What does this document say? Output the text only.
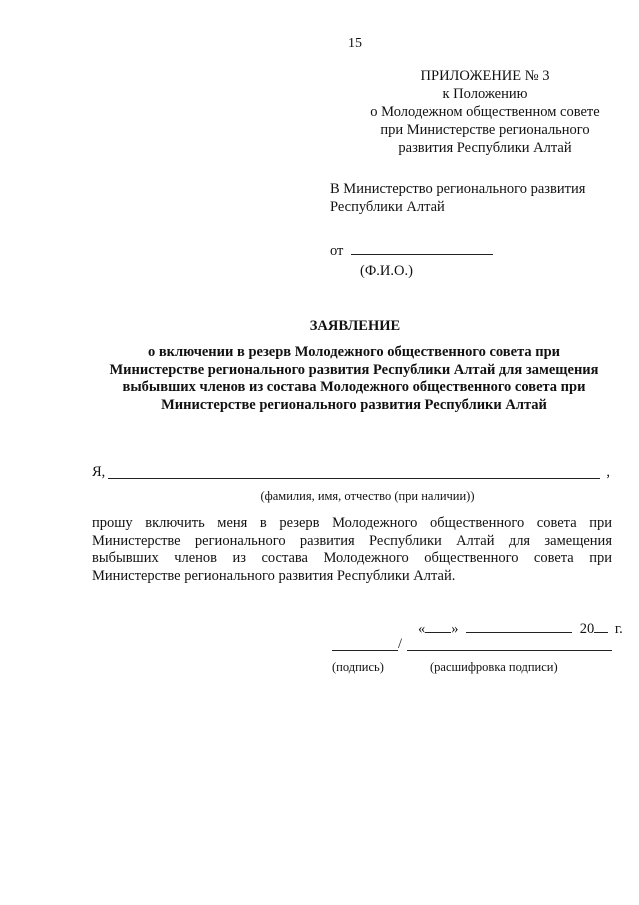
15
ПРИЛОЖЕНИЕ № 3
к Положению
о Молодежном общественном совете
при Министерстве регионального
развития Республики Алтай
В Министерство регионального развития
Республики Алтай
от
(Ф.И.О.)
ЗАЯВЛЕНИЕ
о включении в резерв Молодежного общественного совета при
Министерстве регионального развития Республики Алтай для замещения
выбывших членов из состава Молодежного общественного совета при
Министерстве регионального развития Республики Алтай
Я,	,
(фамилия, имя, отчество (при наличии))
прошу включить меня в резерв Молодежного общественного совета при
Министерстве регионального развития Республики Алтай для замещения
выбывших членов из состава Молодежного общественного совета при
Министерстве регионального развития Республики Алтай.
« »	20 г.
/
(подпись)	(расшифровка подписи)
